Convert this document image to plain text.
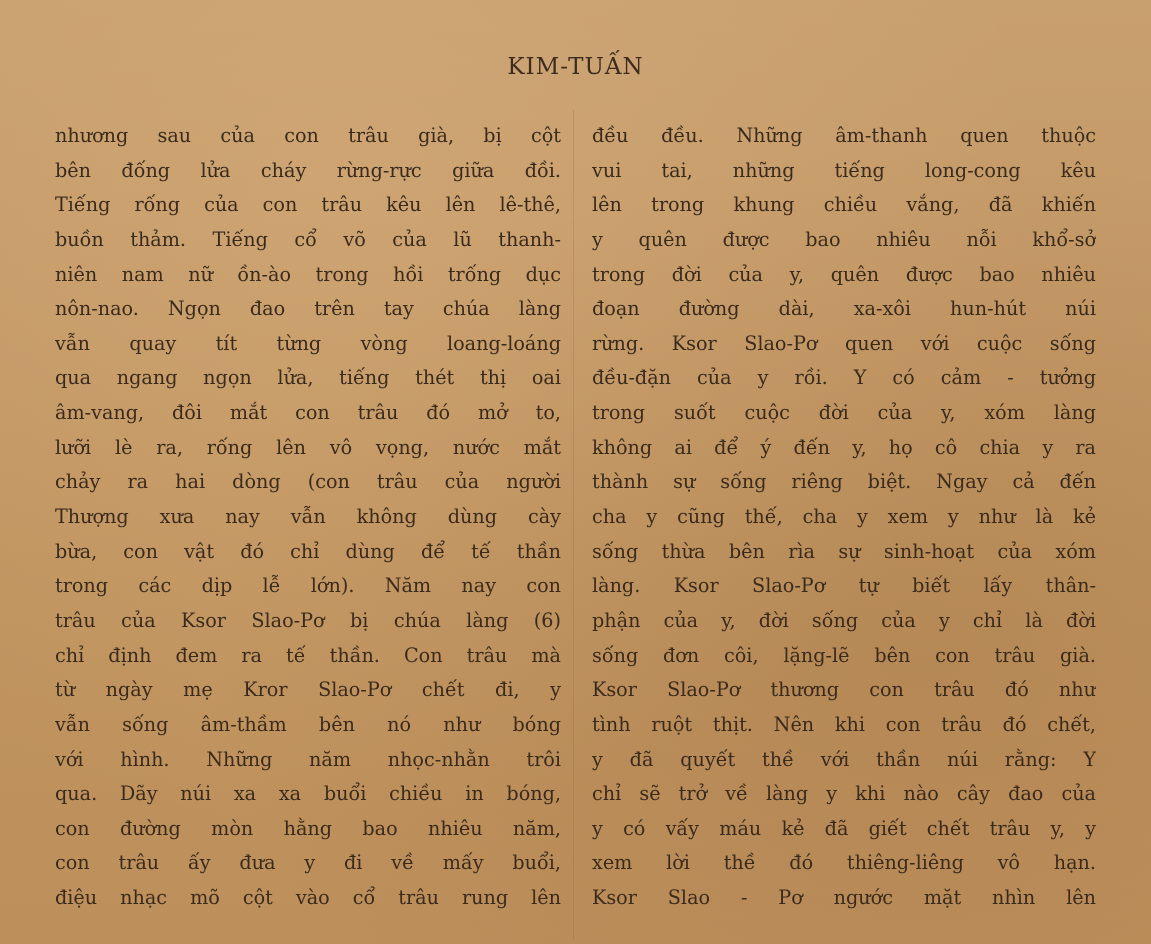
KIM-TUẤN
nhương sau của con trâu già, bị cột
bên đống lửa cháy rừng-rực giữa đồi.
Tiếng rống của con trâu kêu lên lê-thê,
buồn thảm. Tiếng cổ võ của lũ thanh-
niên nam nữ ồn-ào trong hồi trống dục
nôn-nao. Ngọn đao trên tay chúa làng
vẫn quay tít từng vòng loang-loáng
qua ngang ngọn lửa, tiếng thét thị oai
âm-vang, đôi mắt con trâu đó mở to,
lưỡi lè ra, rống lên vô vọng, nước mắt
chảy ra hai dòng (con trâu của người
Thượng xưa nay vẫn không dùng cày
bừa, con vật đó chỉ dùng để tế thần
trong các dịp lễ lớn). Năm nay con
trâu của Ksor Slao-Pơ bị chúa làng (6)
chỉ định đem ra tế thần. Con trâu mà
từ ngày mẹ Kror Slao-Pơ chết đi, y
vẫn sống âm-thầm bên nó như bóng
với hình. Những năm nhọc-nhằn trôi
qua. Dãy núi xa xa buổi chiều in bóng,
con đường mòn hằng bao nhiêu năm,
con trâu ấy đưa y đi về mấy buổi,
điệu nhạc mõ cột vào cổ trâu rung lên
đều đều. Những âm-thanh quen thuộc
vui tai, những tiếng long-cong kêu
lên trong khung chiều vắng, đã khiến
y quên được bao nhiêu nỗi khổ-sở
trong đời của y, quên được bao nhiêu
đoạn đường dài, xa-xôi hun-hút núi
rừng. Ksor Slao-Pơ quen với cuộc sống
đều-đặn của y rồi. Y có cảm - tưởng
trong suốt cuộc đời của y, xóm làng
không ai để ý đến y, họ cô chia y ra
thành sự sống riêng biệt. Ngay cả đến
cha y cũng thế, cha y xem y như là kẻ
sống thừa bên rìa sự sinh-hoạt của xóm
làng. Ksor Slao-Pơ tự biết lấy thân-
phận của y, đời sống của y chỉ là đời
sống đơn côi, lặng-lẽ bên con trâu già.
Ksor Slao-Pơ thương con trâu đó như
tình ruột thịt. Nên khi con trâu đó chết,
y đã quyết thề với thần núi rằng: Y
chỉ sẽ trở về làng y khi nào cây đao của
y có vấy máu kẻ đã giết chết trâu y, y
xem lời thề đó thiêng-liêng vô hạn.
Ksor Slao - Pơ ngước mặt nhìn lên
